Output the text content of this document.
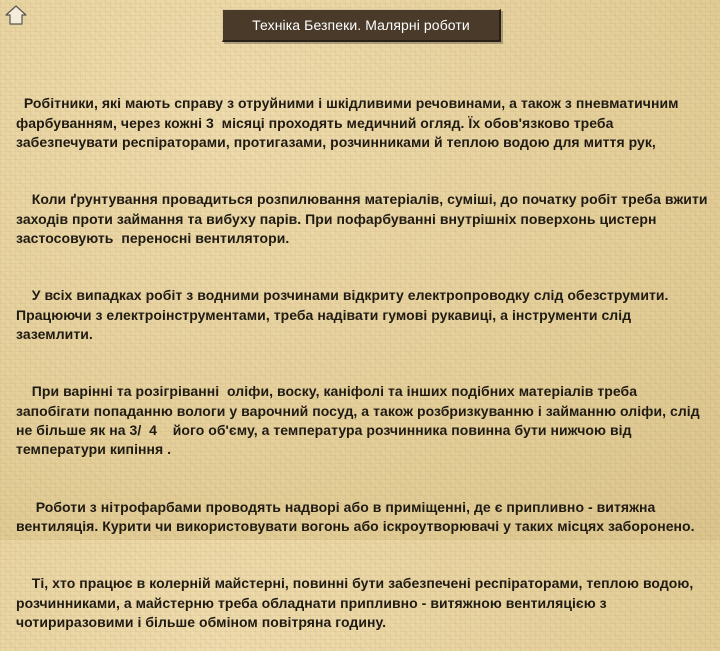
Техніка Безпеки. Малярні роботи

Робітники, які мають справу з отруйними і шкідливими речовинами, а також з пневматичним фарбуванням, через кожні 3  місяці проходять медичний огляд. Їх обов'язково треба забезпечувати респіраторами, протигазами, розчинниками й теплою водою для миття рук,

Коли ґрунтування провадиться розпилювання матеріалів, суміші, до початку робіт треба вжити заходів проти займання та вибуху парів. При пофарбуванні внутрішніх поверхонь цистерн застосовують  переносні вентилятори.

У всіх випадках робіт з водними розчинами відкриту електропроводку слід обезструмити.  Працюючи з електроінструментами, треба надівати гумові рукавиці, а інструменти слід заземлити.

При варінні та розігріванні  оліфи, воску, каніфолі та інших подібних матеріалів треба запобігати попаданню вологи у варочний посуд, а також розбризкуванню і займанню оліфи, слід не більше як на 3/  4    його об'єму, а температура розчинника повинна бути нижчою від температури кипіння .

Роботи з нітрофарбами проводять надворі або в приміщенні, де є припливно - витяжна вентиляція. Курити чи використовувати вогонь або іскроутворювачі у таких місцях заборонено.

Ті, хто працює в колерній майстерні, повинні бути забезпечені респіраторами, теплою водою, розчинниками, а майстерню треба обладнати припливно - витяжною вентиляцією з чотириразовими і більше обміном повітряна годину.
